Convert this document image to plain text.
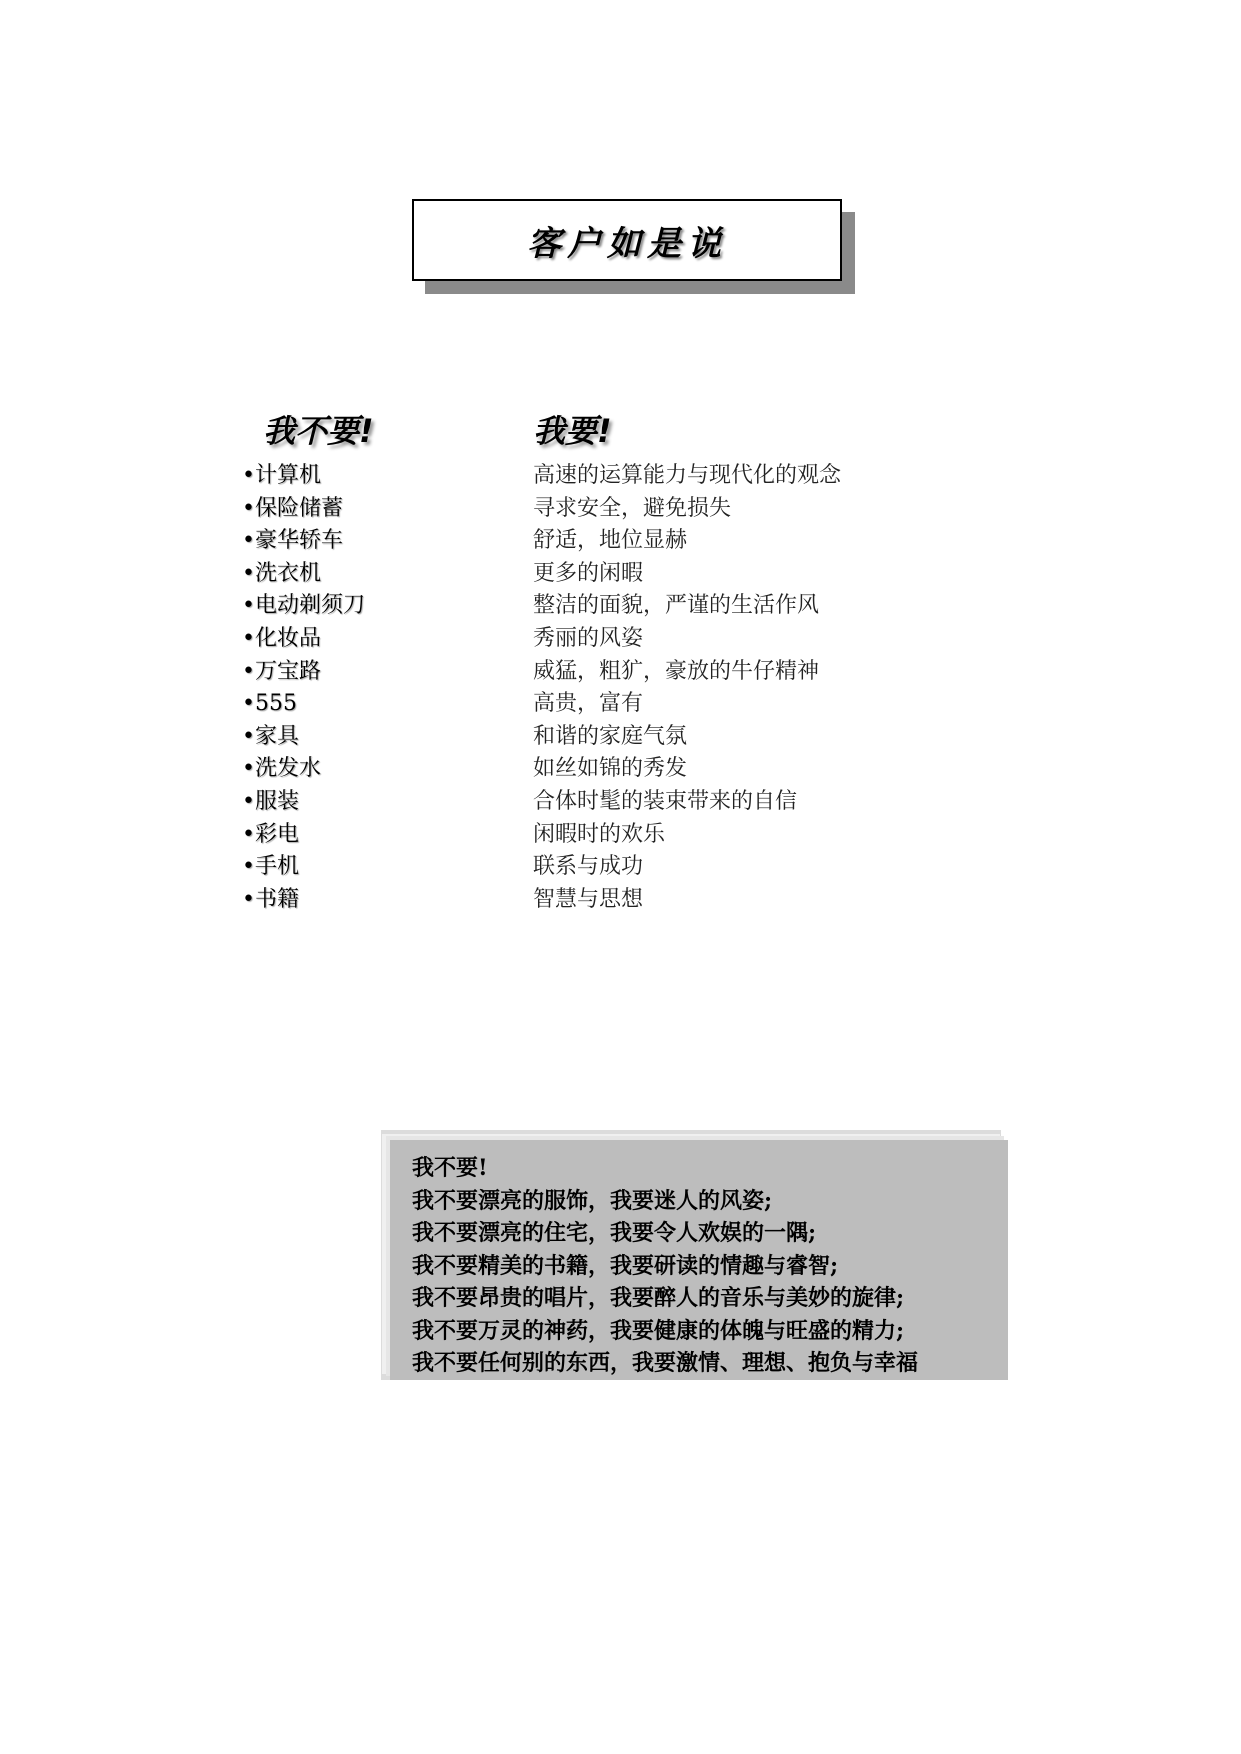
客户如是说
我不要!	我要!
•计算机
•保险储蓄
•豪华轿车
•洗衣机
•电动剃须刀
•化妆品
•万宝路
•555
•家具
•洗发水
•服装
•彩电
•手机
•书籍
高速的运算能力与现代化的观念
寻求安全，避免损失
舒适，地位显赫
更多的闲暇
整洁的面貌，严谨的生活作风
秀丽的风姿
威猛，粗犷，豪放的牛仔精神
高贵，富有
和谐的家庭气氛
如丝如锦的秀发
合体时髦的装束带来的自信
闲暇时的欢乐
联系与成功
智慧与思想

我不要!

我不要漂亮的服饰，我要迷人的风姿;

我不要漂亮的住宅，我要令人欢娱的一隅;

我不要精美的书籍，我要研读的情趣与睿智;

我不要昂贵的唱片，我要醉人的音乐与美妙的旋律;

我不要万灵的神药，我要健康的体魄与旺盛的精力;

我不要任何别的东西，我要激情、理想、抱负与幸福
